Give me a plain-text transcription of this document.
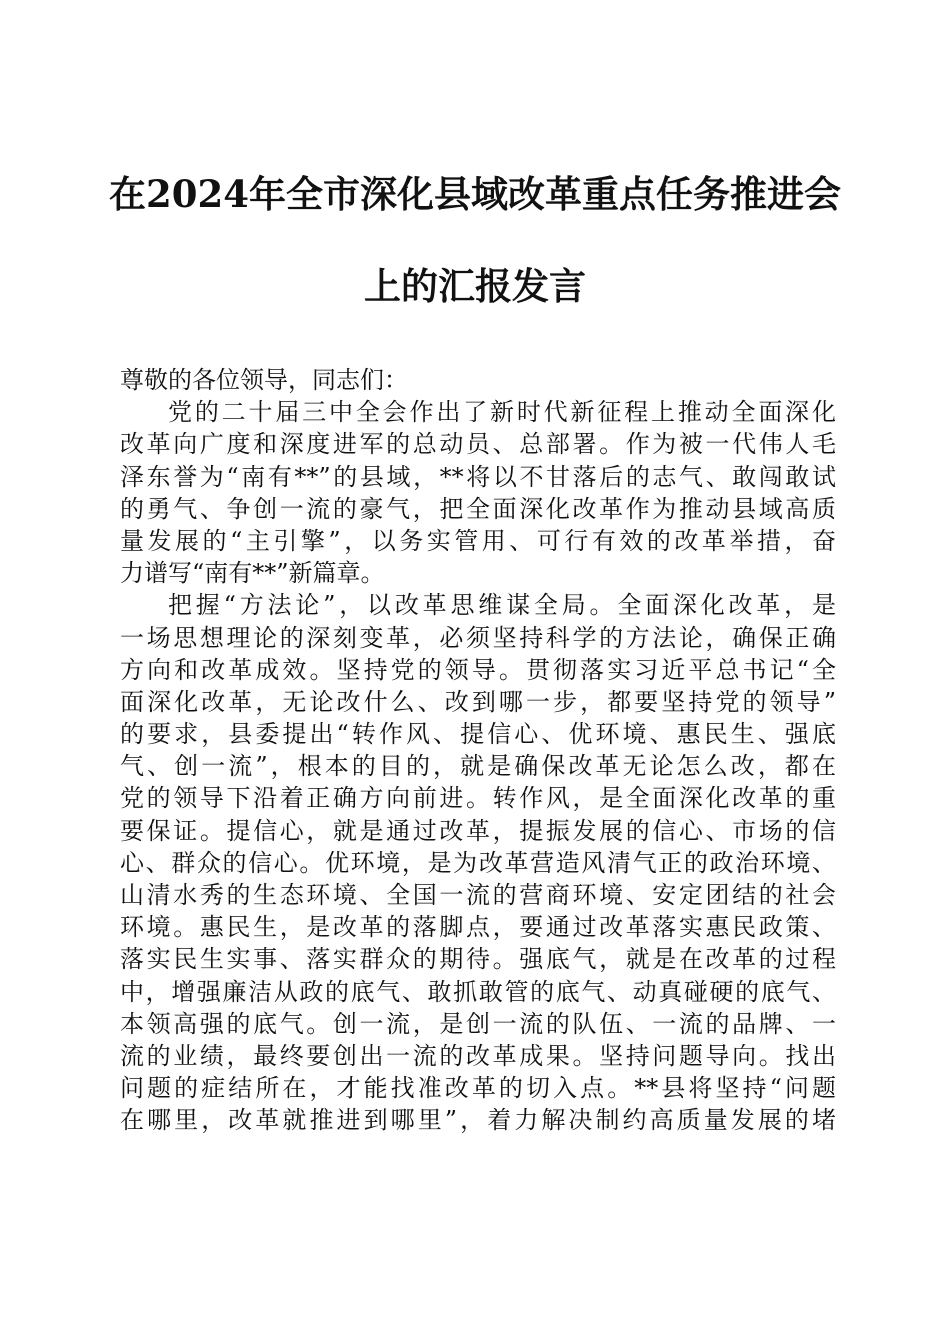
在2024年全市深化县域改革重点任务推进会
上的汇报发言
尊敬的各位领导，同志们：
党的二十届三中全会作出了新时代新征程上推动全面深化
改革向广度和深度进军的总动员、总部署。作为被一代伟人毛
泽东誉为“南有**”的县域，**将以不甘落后的志气、敢闯敢试
的勇气、争创一流的豪气，把全面深化改革作为推动县域高质
量发展的“主引擎”，以务实管用、可行有效的改革举措，奋
力谱写“南有**”新篇章。
把握“方法论”，以改革思维谋全局。全面深化改革，是
一场思想理论的深刻变革，必须坚持科学的方法论，确保正确
方向和改革成效。坚持党的领导。贯彻落实习近平总书记“全
面深化改革，无论改什么、改到哪一步，都要坚持党的领导”
的要求，县委提出“转作风、提信心、优环境、惠民生、强底
气、创一流”，根本的目的，就是确保改革无论怎么改，都在
党的领导下沿着正确方向前进。转作风，是全面深化改革的重
要保证。提信心，就是通过改革，提振发展的信心、市场的信
心、群众的信心。优环境，是为改革营造风清气正的政治环境、
山清水秀的生态环境、全国一流的营商环境、安定团结的社会
环境。惠民生，是改革的落脚点，要通过改革落实惠民政策、
落实民生实事、落实群众的期待。强底气，就是在改革的过程
中，增强廉洁从政的底气、敢抓敢管的底气、动真碰硬的底气、
本领高强的底气。创一流，是创一流的队伍、一流的品牌、一
流的业绩，最终要创出一流的改革成果。坚持问题导向。找出
问题的症结所在，才能找准改革的切入点。**县将坚持“问题
在哪里，改革就推进到哪里”，着力解决制约高质量发展的堵
